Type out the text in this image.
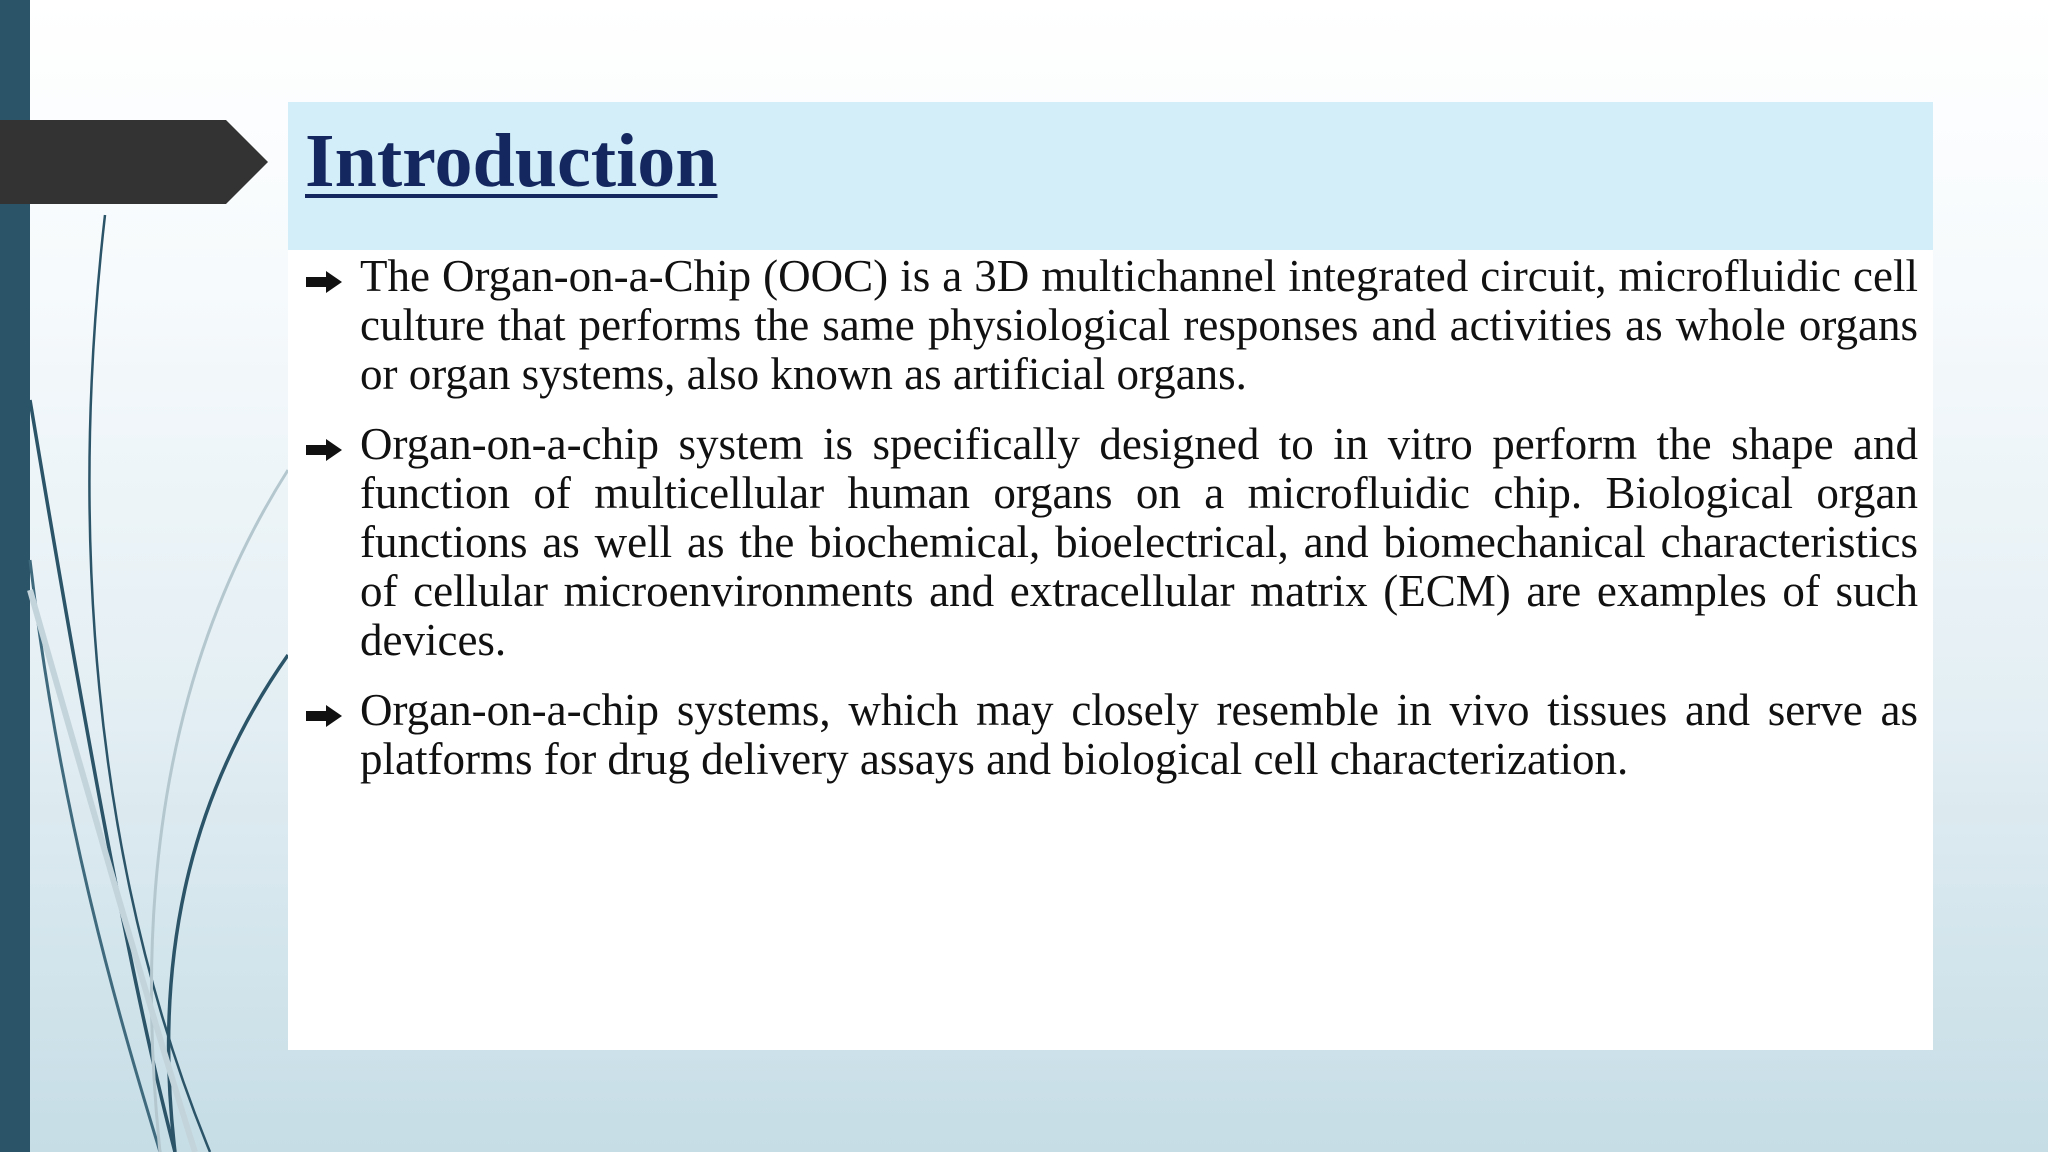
Introduction

The Organ-on-a-Chip (OOC) is a 3D multichannel integrated circuit, microfluidic cell culture that performs the same physiological responses and activities as whole organs or organ systems, also known as artificial organs.

Organ-on-a-chip system is specifically designed to in vitro perform the shape and function of multicellular human organs on a microfluidic chip. Biological organ functions as well as the biochemical, bioelectrical, and biomechanical characteristics of cellular microenvironments and extracellular matrix (ECM) are examples of such devices.

Organ-on-a-chip systems, which may closely resemble in vivo tissues and serve as platforms for drug delivery assays and biological cell characterization.
